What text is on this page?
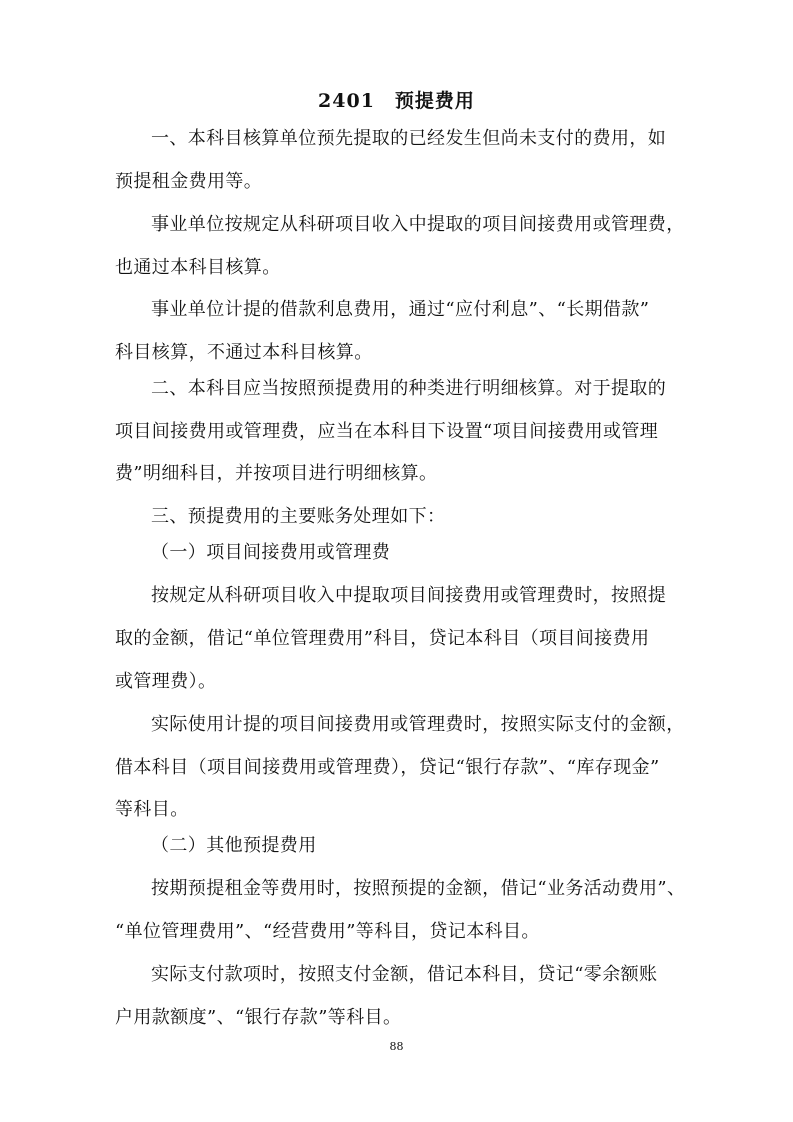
2401　预提费用
一、本科目核算单位预先提取的已经发生但尚未支付的费用，如
预提租金费用等。
事业单位按规定从科研项目收入中提取的项目间接费用或管理费，
也通过本科目核算。
事业单位计提的借款利息费用，通过“应付利息”、“长期借款”
科目核算，不通过本科目核算。
二、本科目应当按照预提费用的种类进行明细核算。对于提取的
项目间接费用或管理费，应当在本科目下设置“项目间接费用或管理
费”明细科目，并按项目进行明细核算。
三、预提费用的主要账务处理如下：
（一）项目间接费用或管理费
按规定从科研项目收入中提取项目间接费用或管理费时，按照提
取的金额，借记“单位管理费用”科目，贷记本科目（项目间接费用
或管理费）。
实际使用计提的项目间接费用或管理费时，按照实际支付的金额，
借本科目（项目间接费用或管理费），贷记“银行存款”、“库存现金”
等科目。
（二）其他预提费用
按期预提租金等费用时，按照预提的金额，借记“业务活动费用”、
“单位管理费用”、“经营费用”等科目，贷记本科目。
实际支付款项时，按照支付金额，借记本科目，贷记“零余额账
户用款额度”、“银行存款”等科目。
88
